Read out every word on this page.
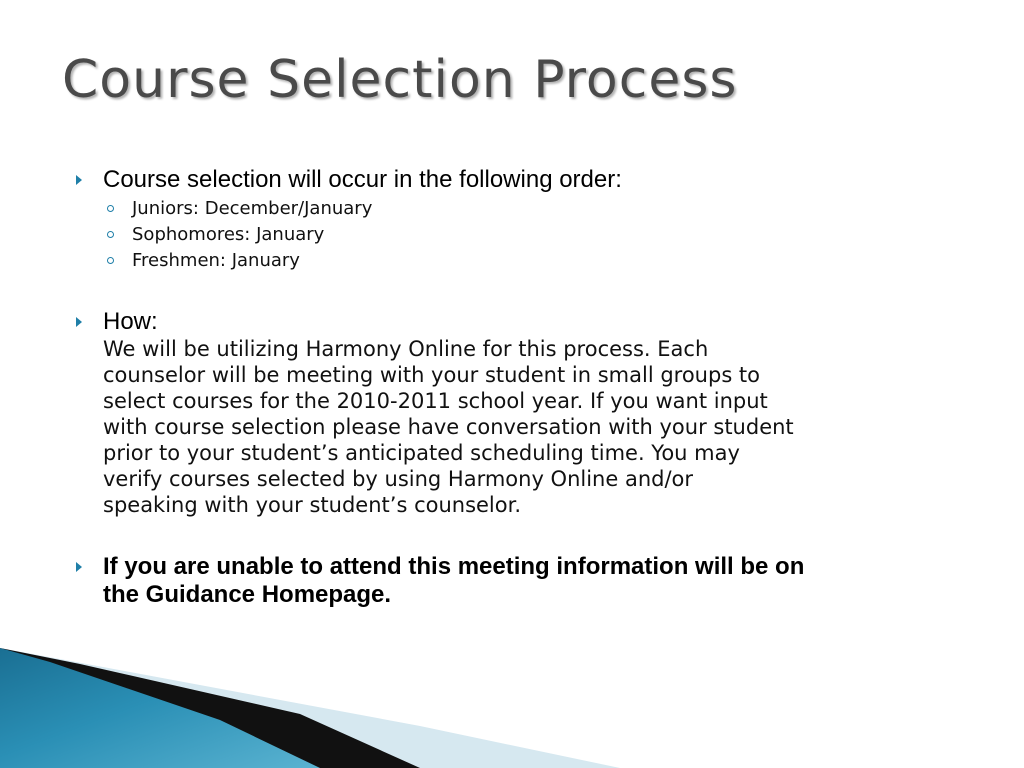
Course Selection Process
Course selection will occur in the following order:
Juniors: December/January
Sophomores: January
Freshmen: January
How:
We will be utilizing Harmony Online for this process. Each
counselor will be meeting with your student in small groups to
select courses for the 2010-2011 school year. If you want input
with course selection please have conversation with your student
prior to your student’s anticipated scheduling time. You may
verify courses selected by using Harmony Online and/or
speaking with your student’s counselor.
If you are unable to attend this meeting information will be on
the Guidance Homepage.
